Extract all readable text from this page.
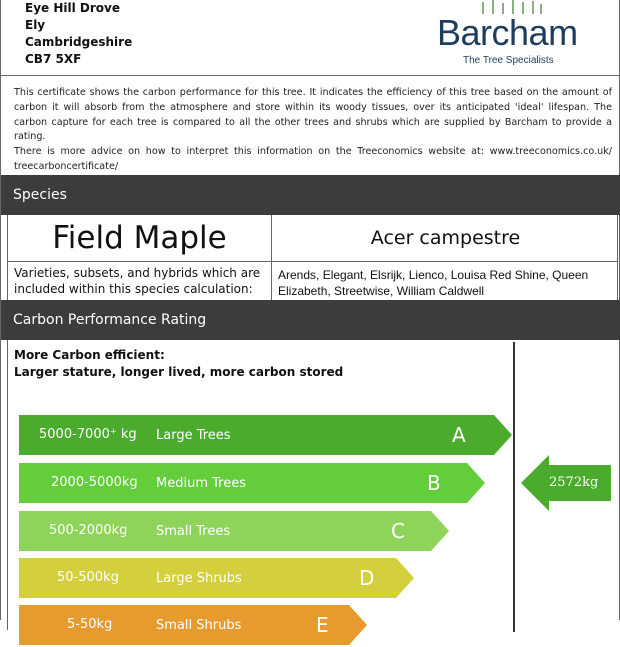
Eye Hill Drove
Ely
Cambridgeshire
CB7 5XF
Barcham
The Tree Specialists
This certificate shows the carbon performance for this tree. It indicates the efficiency of this tree based on the amount of carbon it will absorb from the atmosphere and store within its woody tissues, over its anticipated 'ideal' lifespan. The carbon capture for each tree is compared to all the other trees and shrubs which are supplied by Barcham to provide a rating.
There is more advice on how to interpret this information on the Treeconomics website at: www.treeconomics.co.uk/ treecarboncertificate/
Species
Field Maple	Acer campestre
Varieties, subsets, and hybrids which are included within this species calculation:
Arends, Elegant, Elsrijk, Lienco, Louisa Red Shine, Queen Elizabeth, Streetwise, William Caldwell
Carbon Performance Rating
More Carbon efficient:
Larger stature, longer lived, more carbon stored
5000-7000⁺ kg Large Trees	A
2000-5000kg Medium Trees	B
500-2000kg Small Trees	C
50-500kg	Large Shrubs	D
5-50kg	Small Shrubs	E
2572kg
